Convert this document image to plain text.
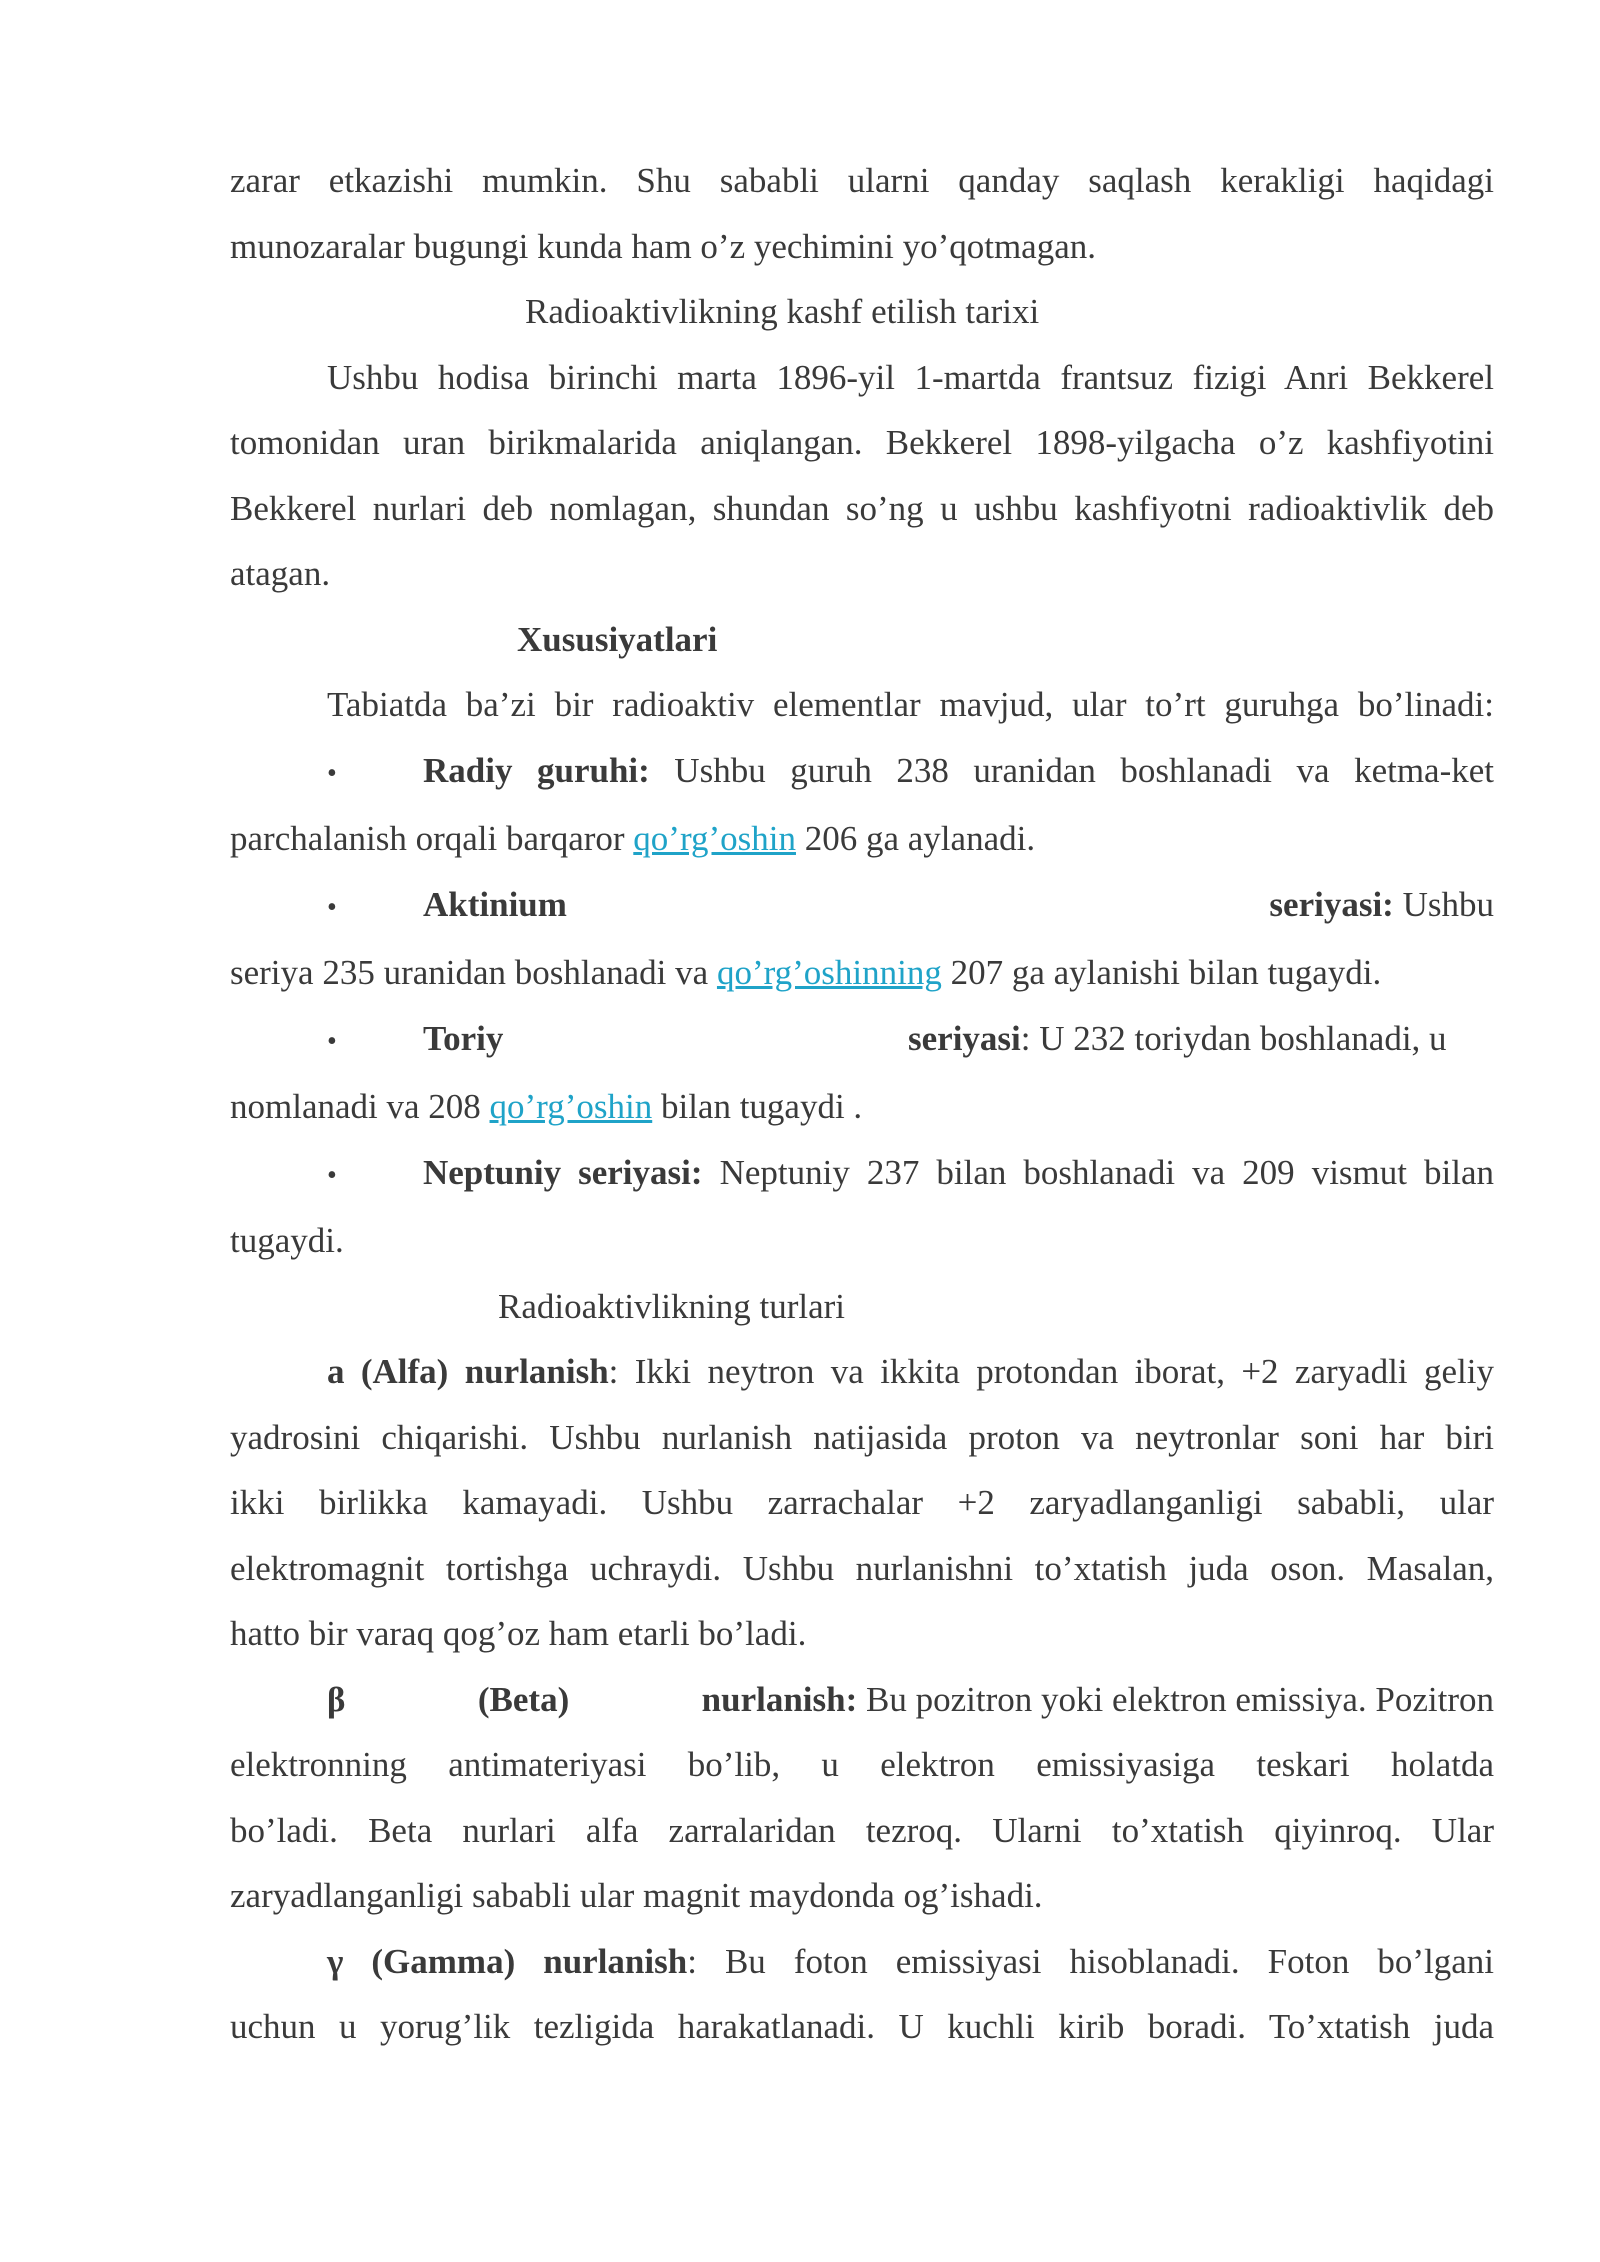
zarar etkazishi mumkin. Shu sababli ularni qanday saqlash kerakligi haqidagi

munozaralar bugungi kunda ham o’z yechimini yo’qotmagan.

Radioaktivlikning kashf etilish tarixi

Ushbu hodisa birinchi marta 1896-yil 1-martda frantsuz fizigi Anri Bekkerel

tomonidan uran birikmalarida aniqlangan. Bekkerel 1898-yilgacha o’z kashfiyotini

Bekkerel nurlari deb nomlagan, shundan so’ng u ushbu kashfiyotni radioaktivlik deb

atagan.

Xususiyatlari

Tabiatda ba’zi bir radioaktiv elementlar mavjud, ular to’rt guruhga bo’linadi:

•	Radiy guruhi: Ushbu guruh 238 uranidan boshlanadi va ketma-ket

parchalanish orqali barqaror qo’rg’oshin 206 ga aylanadi.

•	Aktinium	seriyasi: Ushbu

seriya 235 uranidan boshlanadi va qo’rg’oshinning 207 ga aylanishi bilan tugaydi.

•	Toriy	seriyasi: U 232 toriydan boshlanadi, u

nomlanadi va 208 qo’rg’oshin bilan tugaydi .

•	Neptuniy seriyasi: Neptuniy 237 bilan boshlanadi va 209 vismut bilan

tugaydi.

Radioaktivlikning turlari

a (Alfa) nurlanish: Ikki neytron va ikkita protondan iborat, +2 zaryadli geliy

yadrosini chiqarishi. Ushbu nurlanish natijasida proton va neytronlar soni har biri

ikki birlikka kamayadi. Ushbu zarrachalar +2 zaryadlanganligi sababli, ular

elektromagnit tortishga uchraydi. Ushbu nurlanishni to’xtatish juda oson. Masalan,

hatto bir varaq qog’oz ham etarli bo’ladi.

β	(Beta)	nurlanish: Bu pozitron yoki elektron emissiya. Pozitron

elektronning antimateriyasi bo’lib, u elektron emissiyasiga teskari holatda

bo’ladi. Beta nurlari alfa zarralaridan tezroq. Ularni to’xtatish qiyinroq. Ular

zaryadlanganligi sababli ular magnit maydonda og’ishadi.

γ (Gamma) nurlanish: Bu foton emissiyasi hisoblanadi. Foton bo’lgani

uchun u yorug’lik tezligida harakatlanadi. U kuchli kirib boradi. To’xtatish juda
